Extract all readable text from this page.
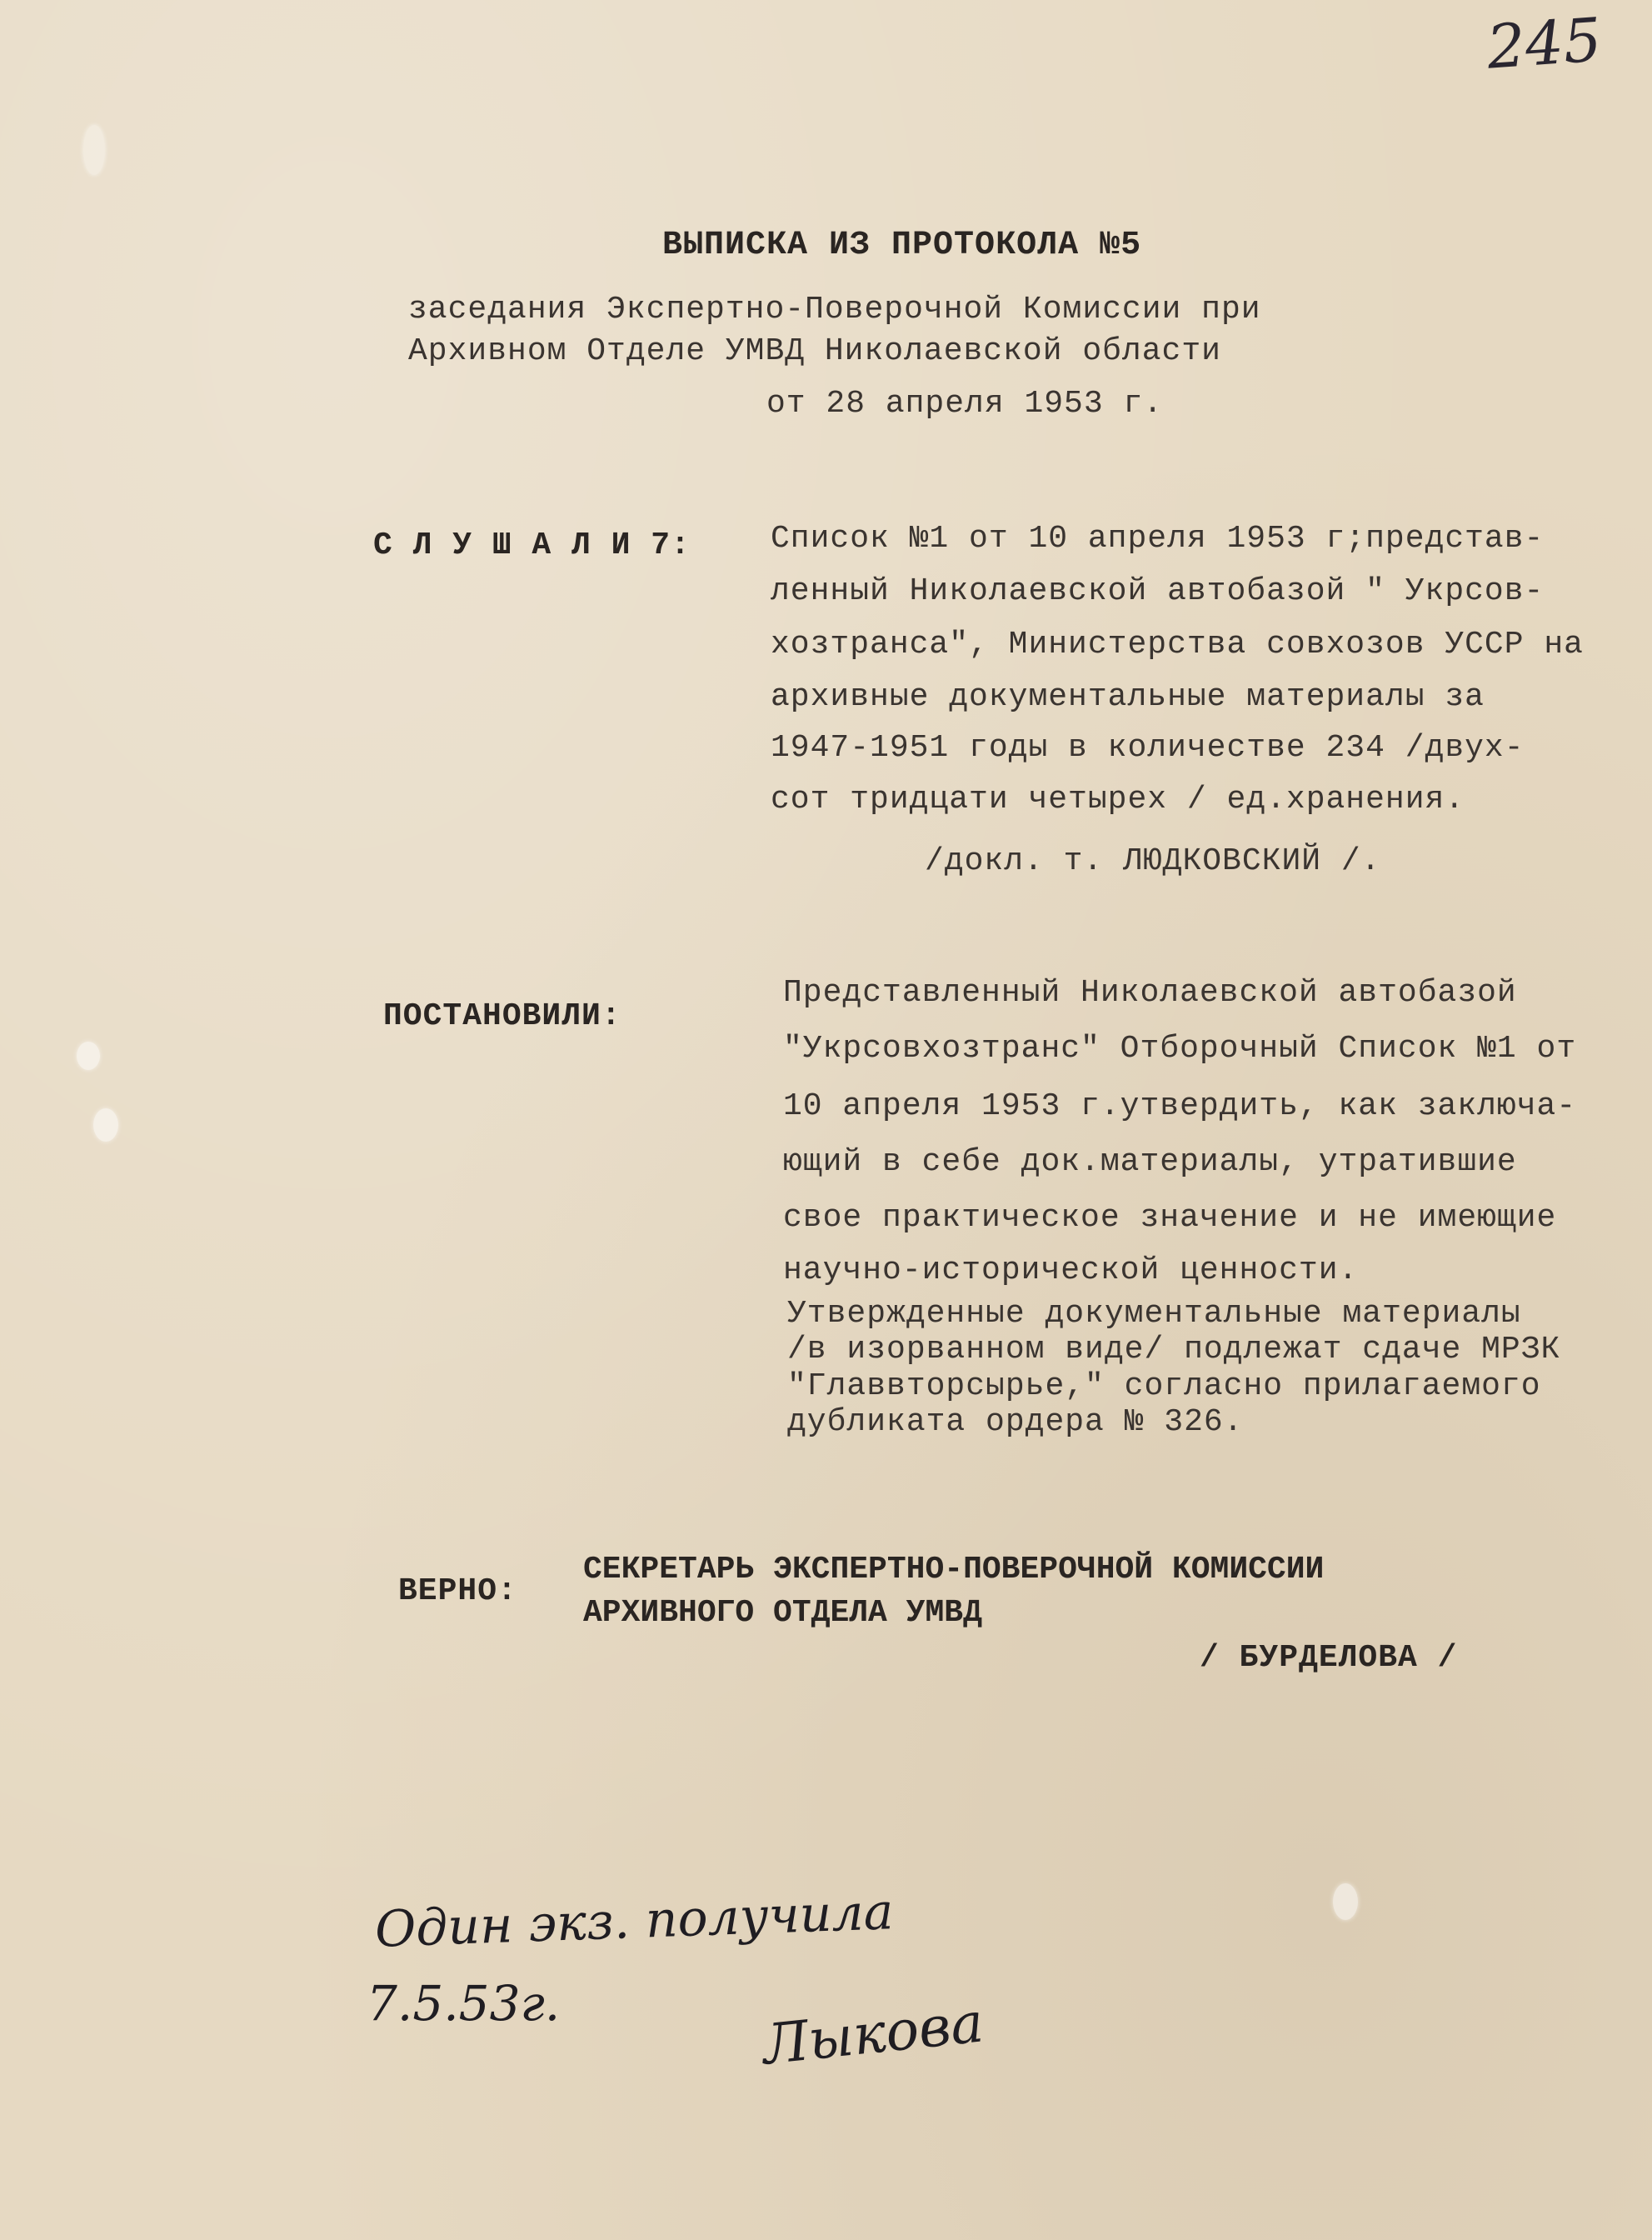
245
ВЫПИСКА ИЗ ПРОТОКОЛА №5
заседания Экспертно-Поверочной Комиссии при
Архивном Отделе УМВД Николаевской области
от 28 апреля 1953 г.
С Л У Ш А Л И 7:	Список №1 от 10 апреля 1953 г;представ-
ленный Николаевской автобазой " Укрсов-
хозтранса", Министерства совхозов УССР на
архивные документальные материалы за
1947-1951 годы в количестве 234 /двух-
сот тридцати четырех / ед.хранения.
/докл. т. ЛЮДКОВСКИЙ /.
ПОСТАНОВИЛИ:
Представленный Николаевской автобазой
"Укрсовхозтранс" Отборочный Список №1 от
10 апреля 1953 г.утвердить, как заключа-
ющий в себе док.материалы, утратившие
свое практическое значение и не имеющие
научно-исторической ценности.
Утвержденные документальные материалы
/в изорванном виде/ подлежат сдаче МРЗК
"Главвторсырье," согласно прилагаемого
дубликата ордера № 326.
ВЕРНО:
СЕКРЕТАРЬ ЭКСПЕРТНО-ПОВЕРОЧНОЙ КОМИССИИ
АРХИВНОГО ОТДЕЛА УМВД
/ БУРДЕЛОВА /
Один экз. получила
7.5.53г.	Лыкова
